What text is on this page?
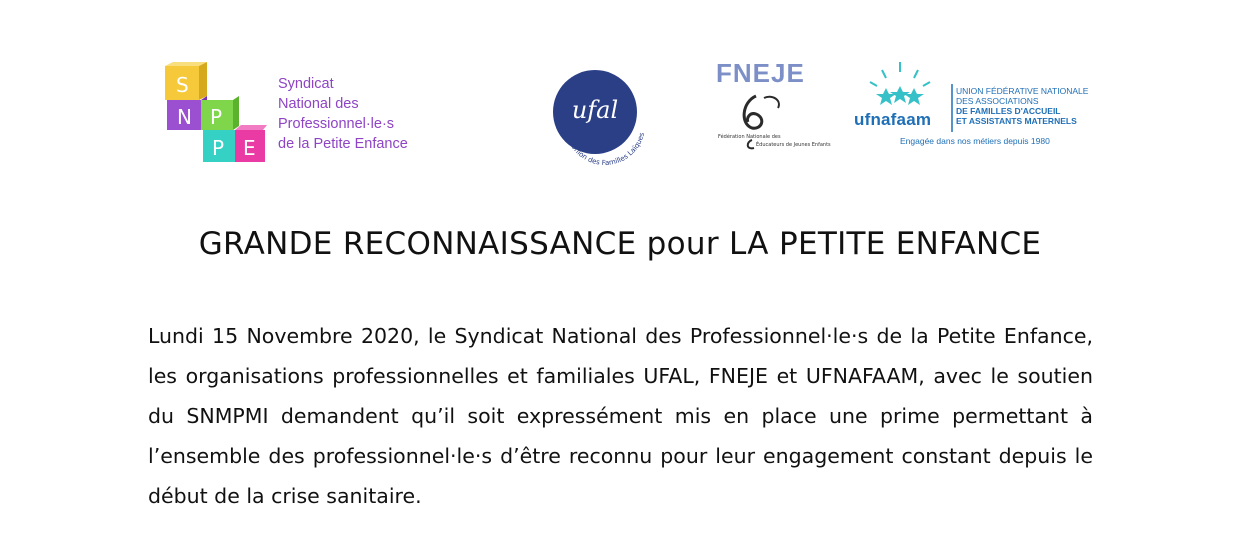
S
N P
P E
Syndicat
National des
Professionnel·le·s
de la Petite Enfance
ufal
Union des Familles Laïques
FNEJE
Fédération Nationale des
Éducateurs de Jeunes Enfants
ufnafaam
UNION FÉDÉRATIVE NATIONALE
DES ASSOCIATIONS
DE FAMILLES D'ACCUEIL
ET ASSISTANTS MATERNELS
Engagée dans nos métiers depuis 1980
GRANDE RECONNAISSANCE pour LA PETITE ENFANCE
Lundi 15 Novembre 2020, le Syndicat National des Professionnel·le·s de la Petite Enfance, les organisations professionnelles et familiales UFAL, FNEJE et UFNAFAAM, avec le soutien du SNMPMI demandent qu’il soit expressément mis en place une prime permettant à l’ensemble des professionnel·le·s d’être reconnu pour leur engagement constant depuis le début de la crise sanitaire.
